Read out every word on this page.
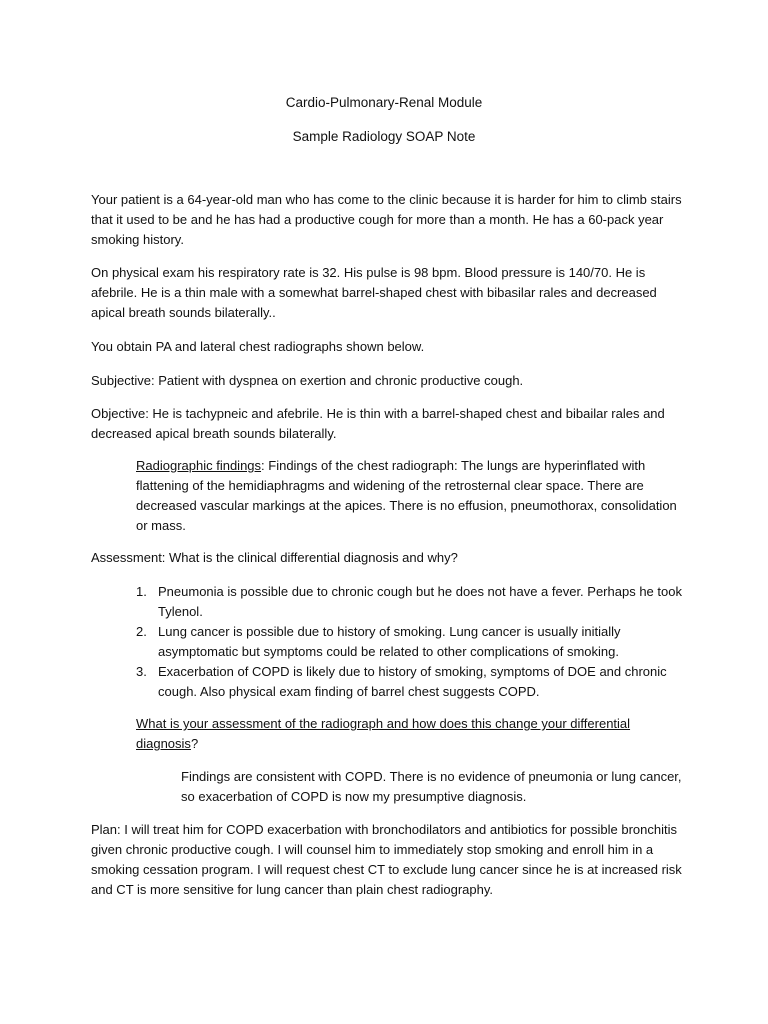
Cardio-Pulmonary-Renal Module
Sample Radiology SOAP Note
Your patient is a 64-year-old man who has come to the clinic because it is harder for him to climb stairs that it used to be and he has had a productive cough for more than a month. He has a 60-pack year smoking history.
On physical exam his respiratory rate is 32. His pulse is 98 bpm. Blood pressure is 140/70. He is afebrile. He is a thin male with a somewhat barrel-shaped chest with bibasilar rales and decreased apical breath sounds bilaterally..
You obtain PA and lateral chest radiographs shown below.
Subjective: Patient with dyspnea on exertion and chronic productive cough.
Objective: He is tachypneic and afebrile. He is thin with a barrel-shaped chest and bibailar rales and decreased apical breath sounds bilaterally.
Radiographic findings: Findings of the chest radiograph: The lungs are hyperinflated with flattening of the hemidiaphragms and widening of the retrosternal clear space. There are decreased vascular markings at the apices. There is no effusion, pneumothorax, consolidation or mass.
Assessment: What is the clinical differential diagnosis and why?
1. Pneumonia is possible due to chronic cough but he does not have a fever. Perhaps he took Tylenol.
2. Lung cancer is possible due to history of smoking. Lung cancer is usually initially asymptomatic but symptoms could be related to other complications of smoking.
3. Exacerbation of COPD is likely due to history of smoking, symptoms of DOE and chronic cough. Also physical exam finding of barrel chest suggests COPD.
What is your assessment of the radiograph and how does this change your differential diagnosis?
Findings are consistent with COPD. There is no evidence of pneumonia or lung cancer, so exacerbation of COPD is now my presumptive diagnosis.
Plan: I will treat him for COPD exacerbation with bronchodilators and antibiotics for possible bronchitis given chronic productive cough. I will counsel him to immediately stop smoking and enroll him in a smoking cessation program. I will request chest CT to exclude lung cancer since he is at increased risk and CT is more sensitive for lung cancer than plain chest radiography.
